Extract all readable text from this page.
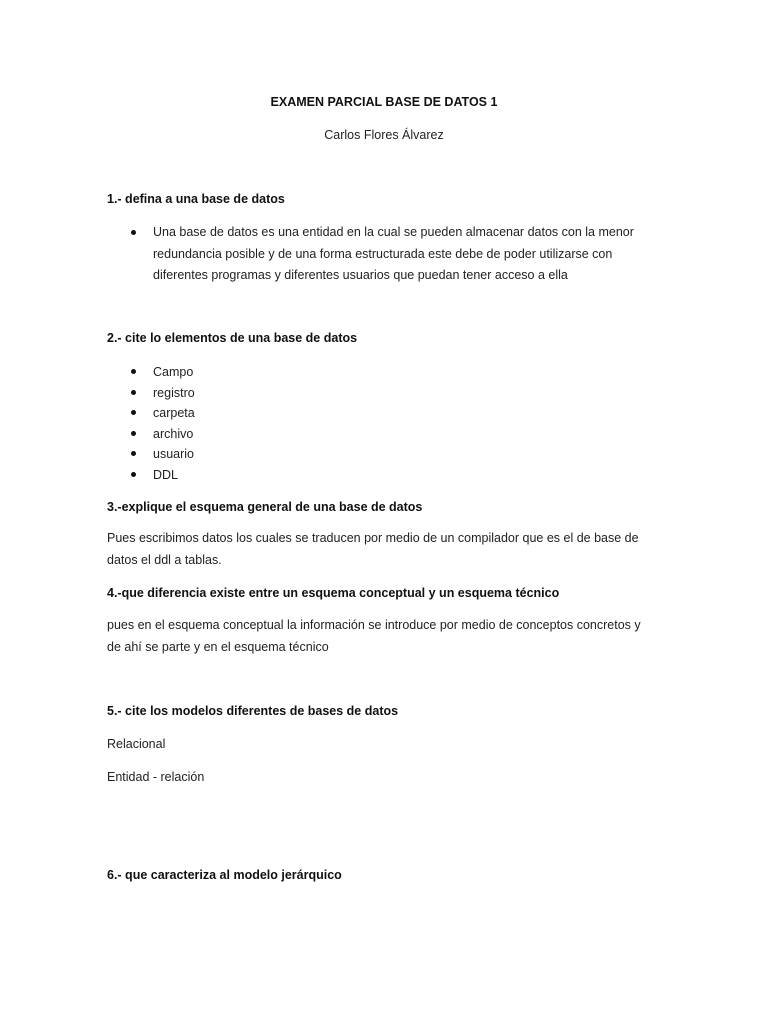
EXAMEN PARCIAL BASE DE DATOS 1

Carlos Flores Álvarez

1.- defina a una base de datos

Una base de datos es una entidad en la cual se pueden almacenar datos con la menor redundancia posible y de una forma estructurada este debe de poder utilizarse con diferentes programas y diferentes usuarios que puedan tener acceso a ella

2.- cite lo elementos de una base de datos

Campo
registro
carpeta
archivo
usuario
DDL

3.-explique el esquema general de una base de datos

Pues escribimos datos los cuales se traducen por medio de un compilador que es el de base de datos el ddl a tablas.

4.-que diferencia existe entre un esquema conceptual y un esquema técnico

pues en el esquema conceptual la información se introduce por medio de conceptos concretos y de ahí se parte y en el esquema técnico

5.- cite los modelos diferentes de bases de datos

Relacional

Entidad - relación

6.- que caracteriza al modelo jerárquico
